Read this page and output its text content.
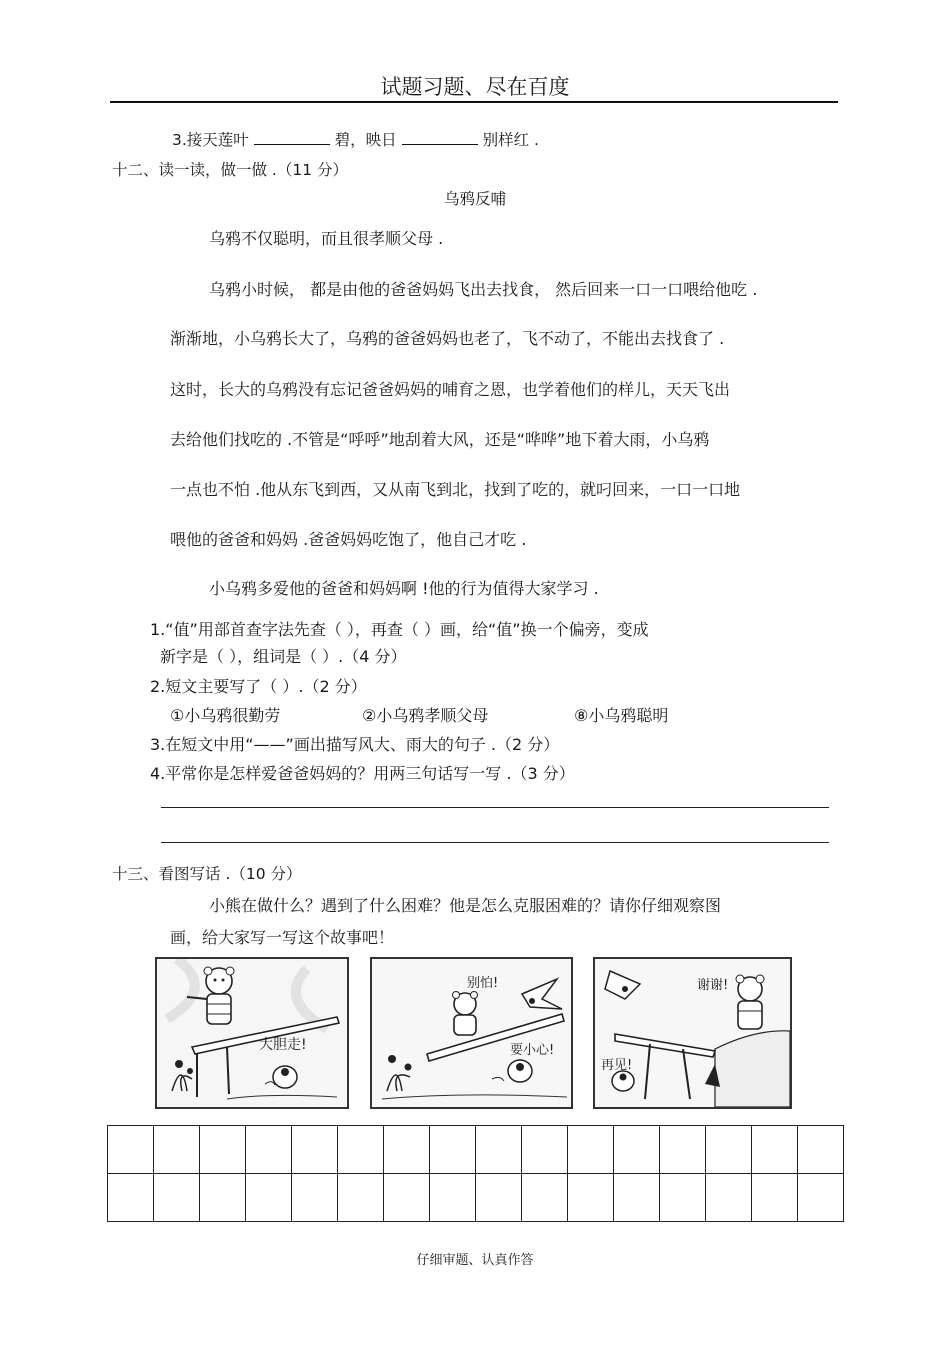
试题习题、尽在百度
3.接天莲叶	碧，映日	别样红 .
十二、读一读，做一做 .（11 分）
乌鸦反哺
乌鸦不仅聪明，而且很孝顺父母 .
乌鸦小时候， 都是由他的爸爸妈妈飞出去找食， 然后回来一口一口喂给他吃 .
渐渐地，小乌鸦长大了，乌鸦的爸爸妈妈也老了，飞不动了，不能出去找食了 .
这时，长大的乌鸦没有忘记爸爸妈妈的哺育之恩，也学着他们的样儿，天天飞出
去给他们找吃的 .不管是“呼呼”地刮着大风，还是“哗哗”地下着大雨，小乌鸦
一点也不怕 .他从东飞到西，又从南飞到北，找到了吃的，就叼回来，一口一口地
喂他的爸爸和妈妈 .爸爸妈妈吃饱了，他自己才吃 .
小乌鸦多爱他的爸爸和妈妈啊 !他的行为值得大家学习 .
1.“值”用部首查字法先查（ ），再查（ ）画，给“值”换一个偏旁，变成
新字是（ ），组词是（ ）.（4 分）
2.短文主要写了（ ）.（2 分）
①小乌鸦很勤劳	②小乌鸦孝顺父母	⑧小乌鸦聪明
3.在短文中用“——”画出描写风大、雨大的句子 .（2 分）
4.平常你是怎样爱爸爸妈妈的？用两三句话写一写 .（3 分）
十三、看图写话 .（10 分）
小熊在做什么？遇到了什么困难？他是怎么克服困难的？请你仔细观察图
画，给大家写一写这个故事吧！
大胆走!
别怕!
要小心!
谢谢!
再见!

仔细审题、认真作答
